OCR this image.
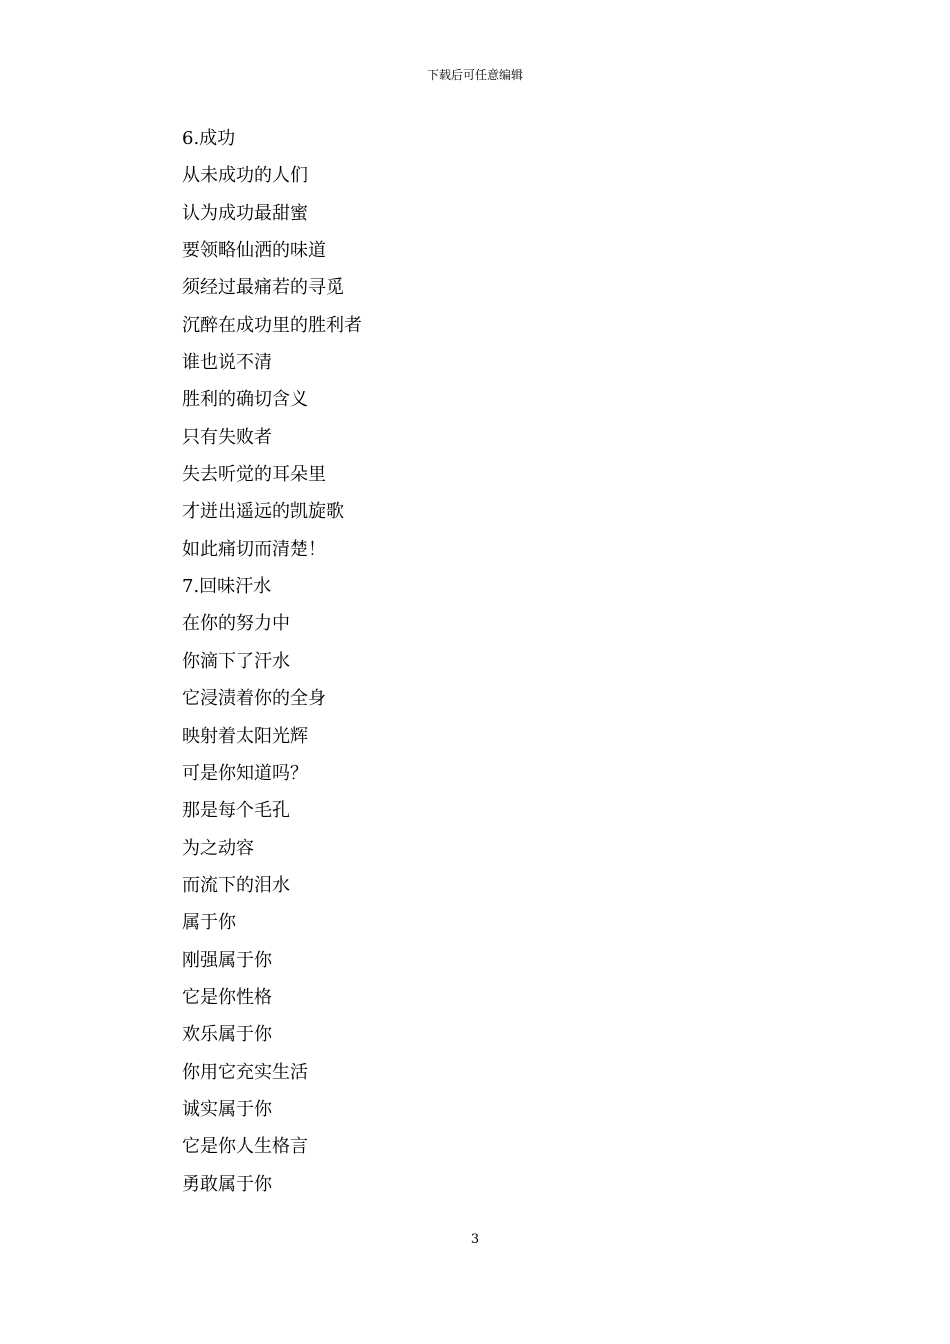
下载后可任意编辑
6.成功
从未成功的人们
认为成功最甜蜜
要领略仙洒的味道
须经过最痛若的寻觅
沉醉在成功里的胜利者
谁也说不清
胜利的确切含义
只有失败者
失去听觉的耳朵里
才迸出遥远的凯旋歌
如此痛切而清楚！
7.回味汗水
在你的努力中
你滴下了汗水
它浸渍着你的全身
映射着太阳光辉
可是你知道吗？
那是每个毛孔
为之动容
而流下的泪水
属于你
刚强属于你
它是你性格
欢乐属于你
你用它充实生活
诚实属于你
它是你人生格言
勇敢属于你
3
